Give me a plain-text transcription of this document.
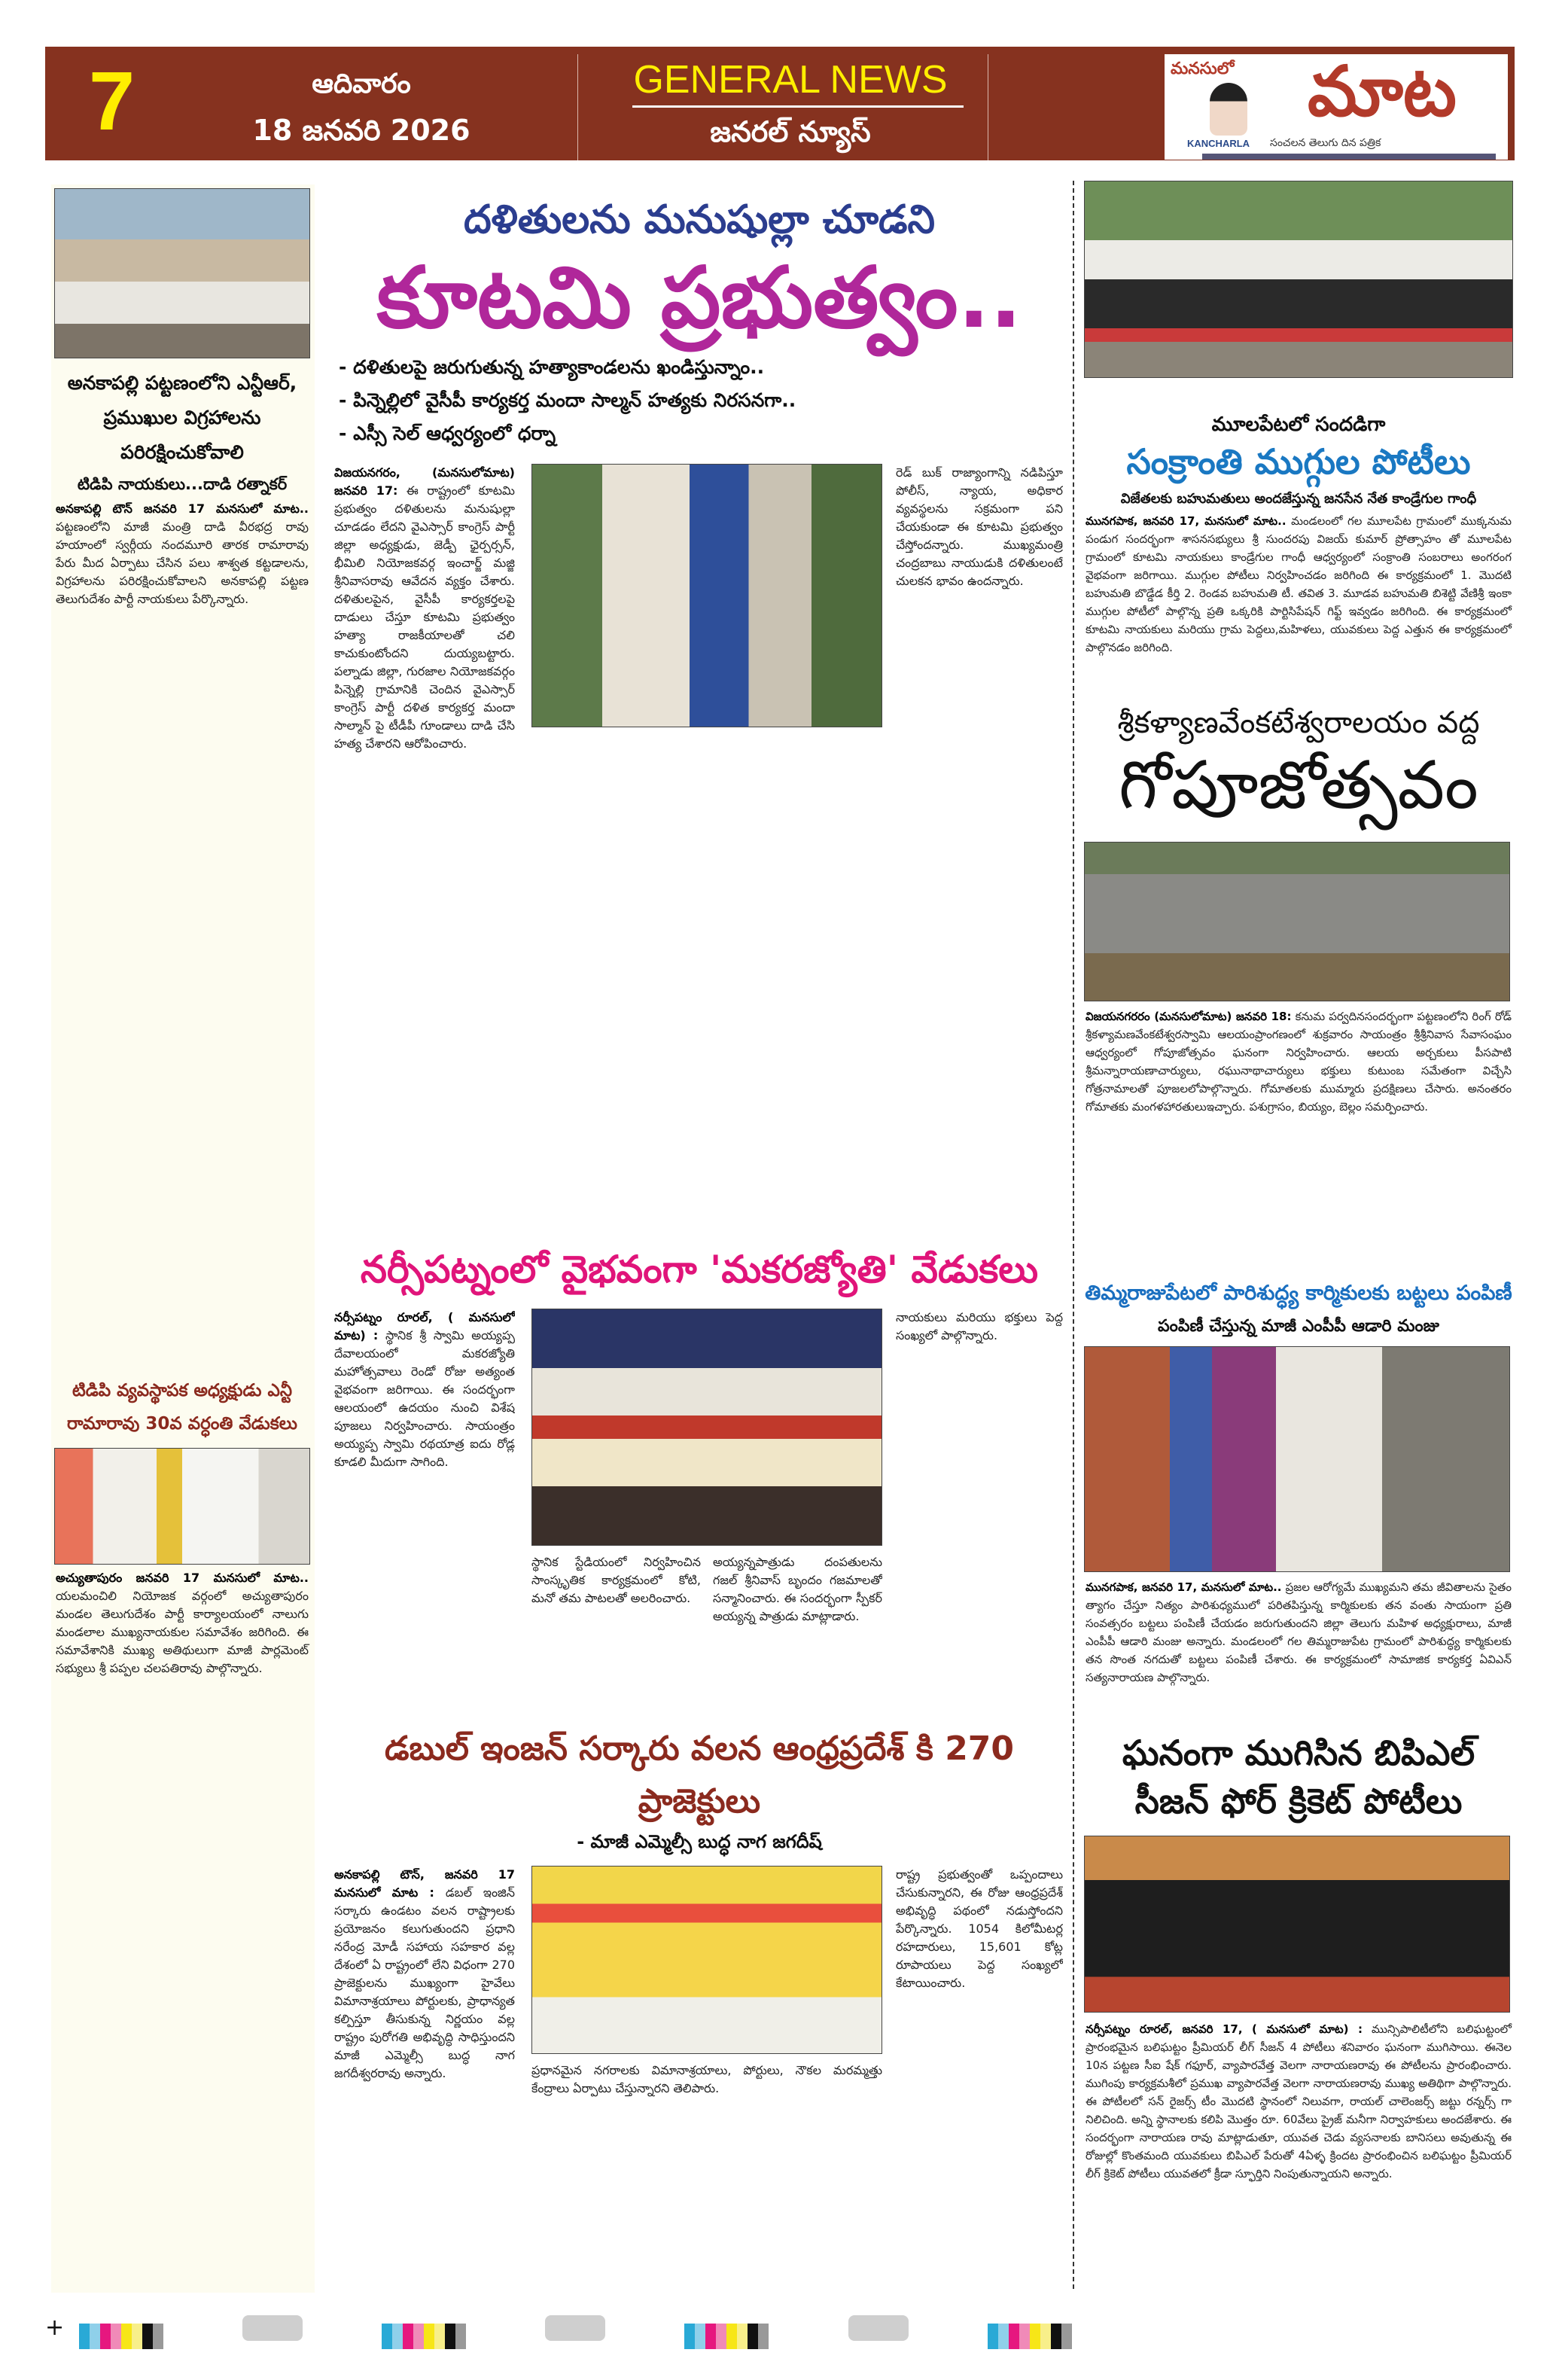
7	ఆదివారం
18 జనవరి 2026
GENERAL NEWS
జనరల్ న్యూస్
మనసులో	మాట
KANCHARLA సంచలన తెలుగు దిన పత్రిక
అనకాపల్లి పట్టణంలోని ఎన్టీఆర్, ప్రముఖుల విగ్రహాలను పరిరక్షించుకోవాలి
టిడిపి నాయకులు...దాడి రత్నాకర్
అనకాపల్లి టౌన్ జనవరి 17 మనసులో మాట.. పట్టణంలోని మాజీ మంత్రి దాడి వీరభద్ర రావు హయాంలో స్వర్గీయ నందమూరి తారక రామారావు పేరు మీద ఏర్పాటు చేసిన పలు శాశ్వత కట్టడాలను, విగ్రహాలను పరిరక్షించుకోవాలని అనకాపల్లి పట్టణ తెలుగుదేశం పార్టీ నాయకులు పేర్కొన్నారు.
టిడిపి వ్యవస్థాపక అధ్యక్షుడు ఎన్టీ రామారావు 30వ వర్ధంతి వేడుకలు
అచ్యుతాపురం జనవరి 17 మనసులో మాట.. యలమంచిలి నియోజక వర్గంలో అచ్యుతాపురం మండల తెలుగుదేశం పార్టీ కార్యాలయంలో నాలుగు మండలాల ముఖ్యనాయకుల సమావేశం జరిగింది. ఈ సమావేశానికి ముఖ్య అతిథులుగా మాజీ పార్లమెంట్ సభ్యులు శ్రీ పప్పల చలపతిరావు పాల్గొన్నారు.
దళితులను మనుషుల్లా చూడని
కూటమి ప్రభుత్వం..
- దళితులపై జరుగుతున్న హత్యాకాండలను ఖండిస్తున్నాం..
- పిన్నెల్లిలో వైసీపీ కార్యకర్త మందా సాల్మన్ హత్యకు నిరసనగా..
- ఎస్సీ సెల్ ఆధ్వర్యంలో ధర్నా
విజయనగరం, (మనసులోమాట) జనవరి 17: ఈ రాష్ట్రంలో కూటమి ప్రభుత్వం దళితులను మనుషుల్లా చూడడం లేదని వైఎస్సార్ కాంగ్రెస్ పార్టీ జిల్లా అధ్యక్షుడు, జెడ్పీ ఛైర్పర్సన్, భీమిలి నియోజకవర్గ ఇంచార్జ్ మజ్జి శ్రీనివాసరావు ఆవేదన వ్యక్తం చేశారు. దళితులపైన, వైసీపీ కార్యకర్తలపై దాడులు చేస్తూ కూటమి ప్రభుత్వం హత్యా రాజకీయాలతో చలి కాచుకుంటోందని దుయ్యబట్టారు. పల్నాడు జిల్లా, గురజాల నియోజకవర్గం పిన్నెల్లి గ్రామానికి చెందిన వైఎస్సార్ కాంగ్రెస్ పార్టీ దళిత కార్యకర్త మందా సాల్మాన్ పై టీడీపీ గూండాలు దాడి చేసి హత్య చేశారని ఆరోపించారు.
రెడ్ బుక్ రాజ్యాంగాన్ని నడిపిస్తూ పోలీస్, న్యాయ, అధికార వ్యవస్థలను సక్రమంగా పని చేయకుండా ఈ కూటమి ప్రభుత్వం చేస్తోందన్నారు. ముఖ్యమంత్రి చంద్రబాబు నాయుడుకి దళితులంటే చులకన భావం ఉందన్నారు.
నర్సీపట్నంలో వైభవంగా 'మకరజ్యోతి' వేడుకలు
నర్సీపట్నం రూరల్, ( మనసులో మాట) : స్థానిక శ్రీ స్వామి అయ్యప్ప దేవాలయంలో మకరజ్యోతి మహోత్సవాలు రెండో రోజు అత్యంత వైభవంగా జరిగాయి. ఈ సందర్భంగా ఆలయంలో ఉదయం నుంచి విశేష పూజలు నిర్వహించారు. సాయంత్రం అయ్యప్ప స్వామి రథయాత్ర ఐదు రోడ్ల కూడలి మీదుగా సాగింది.
స్థానిక స్టేడియంలో నిర్వహించిన సాంస్కృతిక కార్యక్రమంలో కోటి, మనో తమ పాటలతో అలరించారు.
అయ్యన్నపాత్రుడు దంపతులను గజల్ శ్రీనివాస్ బృందం గజమాలతో సన్మానించారు. ఈ సందర్భంగా స్పీకర్ అయ్యన్న పాత్రుడు మాట్లాడారు.
నాయకులు మరియు భక్తులు పెద్ద సంఖ్యలో పాల్గొన్నారు.
డబుల్ ఇంజన్ సర్కారు వలన ఆంధ్రప్రదేశ్ కి 270 ప్రాజెక్టులు
- మాజీ ఎమ్మెల్సీ బుద్ధ నాగ జగదీష్
అనకాపల్లి టౌన్, జనవరి 17 మనసులో మాట : డబల్ ఇంజిన్ సర్కారు ఉండటం వలన రాష్ట్రాలకు ప్రయోజనం కలుగుతుందని ప్రధాని నరేంద్ర మోడీ సహాయ సహకార వల్ల దేశంలో ఏ రాష్ట్రంలో లేని విధంగా 270 ప్రాజెక్టులను ముఖ్యంగా హైవేలు విమానాశ్రయాలు పోర్టులకు, ప్రాధాన్యత కల్పిస్తూ తీసుకున్న నిర్ణయం వల్ల రాష్ట్రం పురోగతి అభివృద్ధి సాధిస్తుందని మాజీ ఎమ్మెల్సీ బుద్ధ నాగ జగదీశ్వరరావు అన్నారు.	ప్రధానమైన నగరాలకు విమానాశ్రయాలు, పోర్టులు, నౌకల మరమ్మత్తు కేంద్రాలు ఏర్పాటు చేస్తున్నారని తెలిపారు.
రాష్ట్ర ప్రభుత్వంతో ఒప్పందాలు చేసుకున్నారని, ఈ రోజు ఆంధ్రప్రదేశ్ అభివృద్ధి పథంలో నడుస్తోందని పేర్కొన్నారు. 1054 కిలోమీటర్ల రహదారులు, 15,601 కోట్ల రూపాయలు పెద్ద సంఖ్యలో కేటాయించారు.
మూలపేటలో సందడిగా
సంక్రాంతి ముగ్గుల పోటీలు
విజేతలకు బహుమతులు అందజేస్తున్న జనసేన నేత కాండ్రేగుల గాంధీ
మునగపాక, జనవరి 17, మనసులో మాట.. మండలంలో గల మూలపేట గ్రామంలో ముక్కనుమ పండుగ సందర్భంగా శాసనసభ్యులు శ్రీ సుందరపు విజయ్ కుమార్ ప్రోత్సాహం తో మూలపేట గ్రామంలో కూటమి నాయకులు కాండ్రేగుల గాంధీ ఆధ్వర్యంలో సంక్రాంతి సంబరాలు అంగరంగ వైభవంగా జరిగాయి. ముగ్గుల పోటీలు నిర్వహించడం జరిగింది ఈ కార్యక్రమంలో 1. మొదటి బహుమతి బొడ్డేడ కీర్తి 2. రెండవ బహుమతి టీ. తవిత 3. మూడవ బహుమతి బిశెట్టి వేణిశ్రీ ఇంకా ముగ్గుల పోటీలో పాల్గొన్న ప్రతి ఒక్కరికి పార్టిసిపేషన్ గిఫ్ట్ ఇవ్వడం జరిగింది. ఈ కార్యక్రమంలో కూటమి నాయకులు మరియు గ్రామ పెద్దలు,మహిళలు, యువకులు పెద్ద ఎత్తున ఈ కార్యక్రమంలో పాల్గొనడం జరిగింది.
శ్రీకళ్యాణవేంకటేశ్వరాలయం వద్ద
గోపూజోత్సవం
విజయనగరరం (మనసులోమాట) జనవరి 18: కనుమ పర్వదినసందర్భంగా పట్టణంలోని రింగ్ రోడ్ శ్రీకళ్యామణవేంకటేశ్వరస్వామి ఆలయంప్రాంగణంలో శుక్రవారం సాయంత్రం శ్రీశ్రీనివాస సేవాసంఘం ఆధ్వర్యంలో గోపూజోత్సవం ఘనంగా నిర్వహించారు. ఆలయ అర్చకులు పీసపాటి శ్రీమన్నారాయణాచార్యులు, రఘునాథాచార్యులు భక్తులు కుటుంబ సమేతంగా విచ్చేసి గోత్రనామాలతో పూజలలోపాల్గొన్నారు. గోమాతలకు ముమ్మారు ప్రదక్షిణలు చేసారు. అనంతరం గోమాతకు మంగళహారతులుఇచ్చారు. పశుగ్రాసం, బియ్యం, బెల్లం సమర్పించారు.
తిమ్మరాజుపేటలో పారిశుద్ధ్య కార్మికులకు బట్టలు పంపిణీ
పంపిణీ చేస్తున్న మాజీ ఎంపీపీ ఆడారి మంజు
మునగపాక, జనవరి 17, మనసులో మాట.. ప్రజల ఆరోగ్యమే ముఖ్యమని తమ జీవితాలను సైతం త్యాగం చేస్తూ నిత్యం పారిశుధ్యములో పరితపిస్తున్న కార్మికులకు తన వంతు సాయంగా ప్రతి సంవత్సరం బట్టలు పంపిణీ చేయడం జరుగుతుందని జిల్లా తెలుగు మహిళ అధ్యక్షురాలు, మాజీ ఎంపీపీ ఆడారి మంజు అన్నారు. మండలంలో గల తిమ్మరాజుపేట గ్రామంలో పారిశుద్ధ్య కార్మికులకు తన సొంత నగదుతో బట్టలు పంపిణీ చేశారు. ఈ కార్యక్రమంలో సామాజిక కార్యకర్త ఏవిఎన్ సత్యనారాయణ పాల్గొన్నారు.
ఘనంగా ముగిసిన బిపిఎల్ సీజన్ ఫోర్ క్రికెట్ పోటీలు
నర్సీపట్నం రూరల్, జనవరి 17, ( మనసులో మాట) : మున్సిపాలిటీలోని బలిఘట్టంలో ప్రారంభమైన బలిఘట్టం ప్రీమియర్ లీగ్ సీజన్ 4 పోటీలు శనివారం ఘనంగా ముగిసాయి. ఈనెల 10న పట్టణ సీఐ షేక్ గఫూర్, వ్యాపారవేత్త వెలగా నారాయణరావు ఈ పోటీలను ప్రారంభించారు. ముగింపు కార్యక్రమశీలో ప్రముఖ వ్యాపారవేత్త వెలగా నారాయణరావు ముఖ్య అతిథిగా పాల్గొన్నారు. ఈ పోటీలలో సన్ రైజర్స్ టీం మొదటి స్థానంలో నిలువగా, రాయల్ చాలెంజర్స్ జట్టు రన్నర్స్ గా నిలిచింది. అన్ని స్థానాలకు కలిపి మొత్తం రూ. 60వేలు ప్రైజ్ మనీగా నిర్వాహకులు అందజేశారు. ఈ సందర్భంగా నారాయణ రావు మాట్లాడుతూ, యువత చెడు వ్యసనాలకు బానిసలు అవుతున్న ఈ రోజుల్లో కొంతమంది యువకులు బిపిఎల్ పేరుతో 4ఏళ్ళ క్రిందట ప్రారంభించిన బలిఘట్టం ప్రీమియర్ లీగ్ క్రికెట్ పోటీలు యువతలో క్రీడా స్ఫూర్తిని నింపుతున్నాయని అన్నారు.
+
